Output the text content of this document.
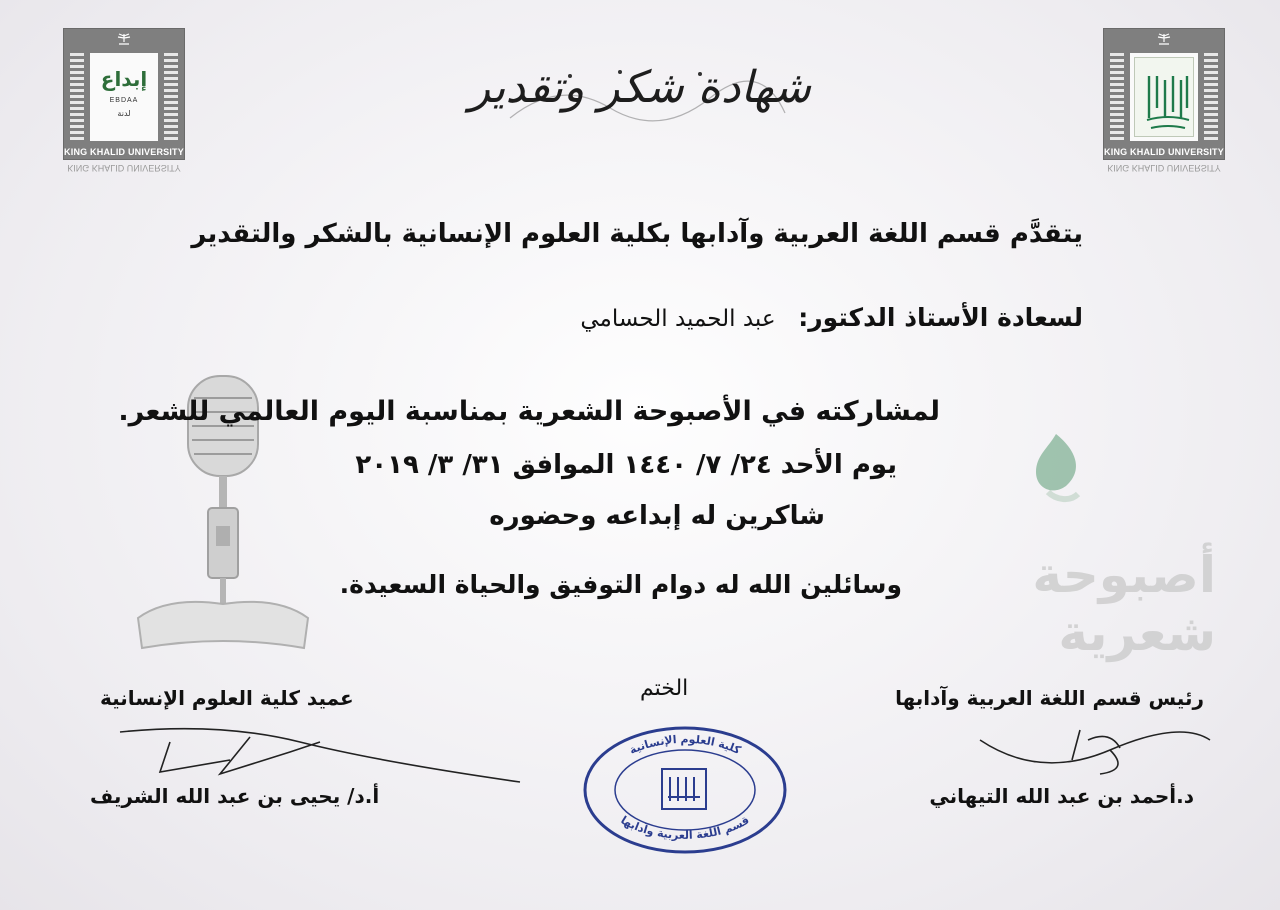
إبداع
EBDAA
لدنة
KING KHALID UNIVERSITY
KING KHALID UNIVERSITY
KING KHALID UNIVERSITY
KING KHALID UNIVERSITY
شهادة شكر وتقدير
أصبوحة شعرية
يتقدَّم قسم اللغة العربية وآدابها بكلية العلوم الإنسانية بالشكر والتقدير
لسعادة الأستاذ الدكتور: عبد الحميد الحسامي
لمشاركته في الأصبوحة الشعرية بمناسبة اليوم العالمي للشعر.
يوم الأحد ٢٤/ ٧/ ١٤٤٠ الموافق ٣١/ ٣/ ٢٠١٩
شاكرين له إبداعه وحضوره
وسائلين الله له دوام التوفيق والحياة السعيدة.
عميد كلية العلوم الإنسانية	الختم	رئيس قسم اللغة العربية وآدابها
أ.د/ يحيى بن عبد الله الشريف	د.أحمد بن عبد الله التيهاني
كلية العلوم الإنسانية
قسم اللغة العربية وآدابها
